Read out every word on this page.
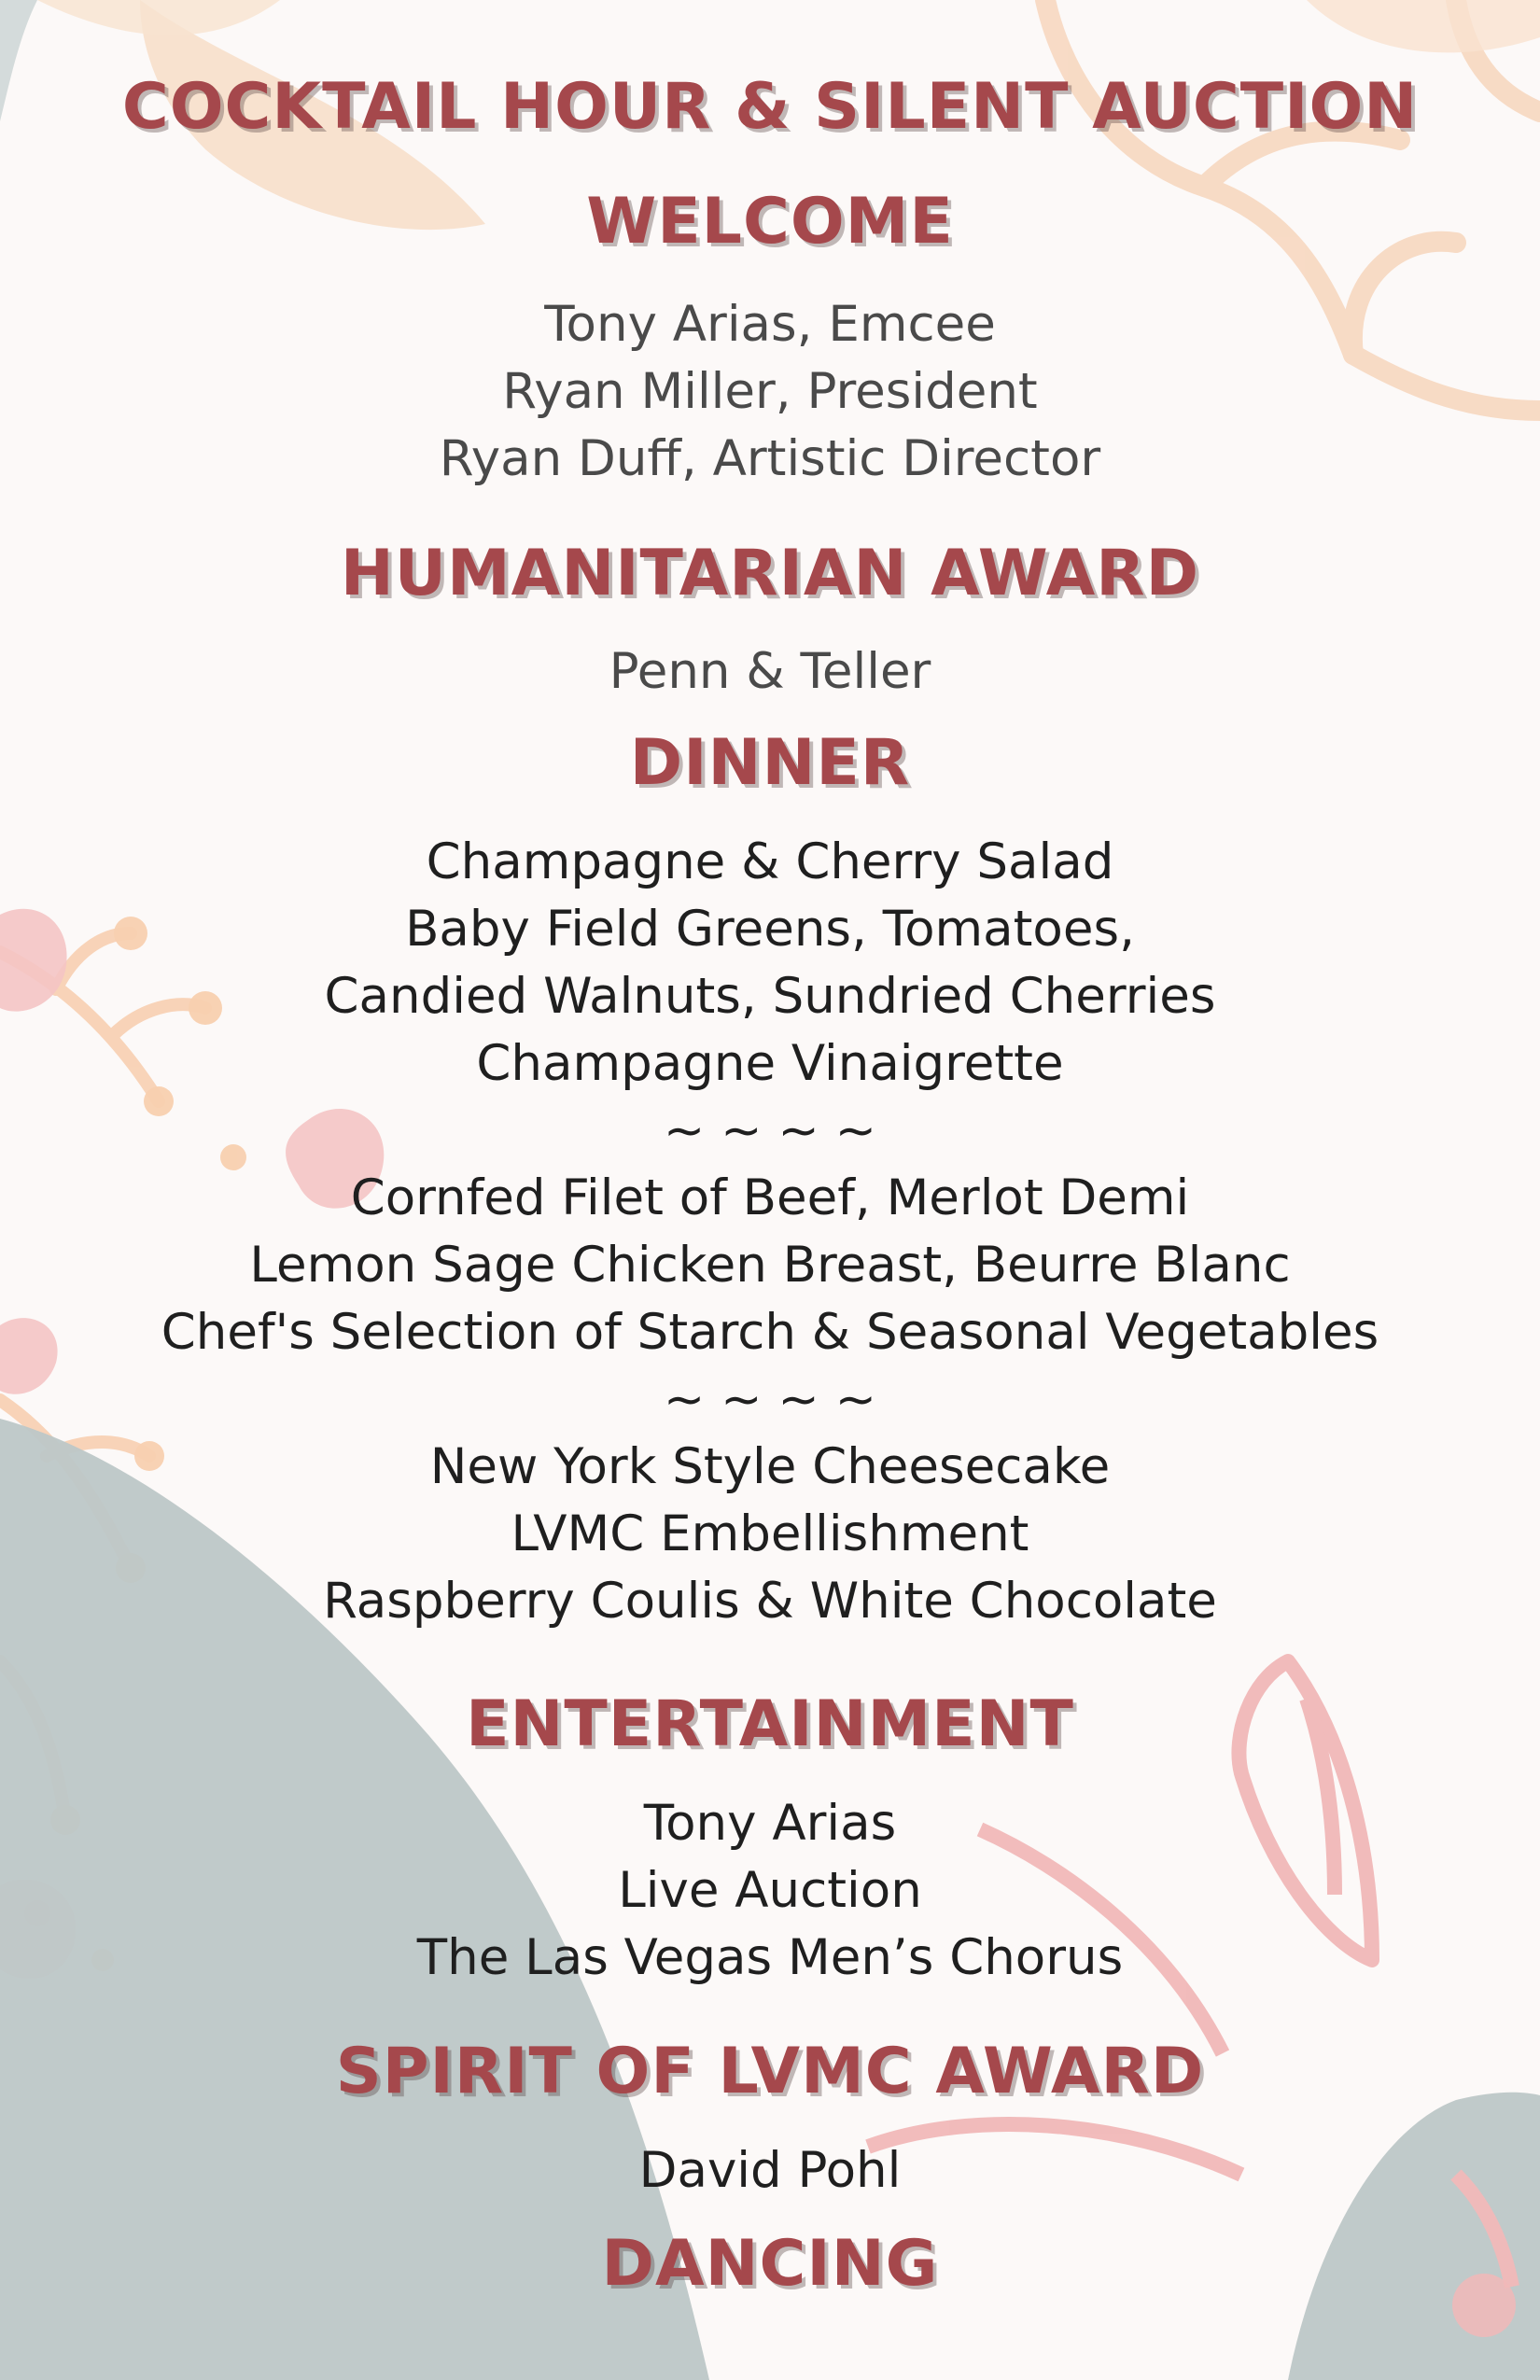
COCKTAIL HOUR & SILENT AUCTION
WELCOME
Tony Arias, Emcee
Ryan Miller, President
Ryan Duff, Artistic Director
HUMANITARIAN AWARD
Penn & Teller
DINNER
Champagne & Cherry Salad
Baby Field Greens, Tomatoes,
Candied Walnuts, Sundried Cherries
Champagne Vinaigrette
~ ~ ~ ~
Cornfed Filet of Beef, Merlot Demi
Lemon Sage Chicken Breast, Beurre Blanc
Chef's Selection of Starch & Seasonal Vegetables
~ ~ ~ ~
New York Style Cheesecake
LVMC Embellishment
Raspberry Coulis & White Chocolate
ENTERTAINMENT
Tony Arias
Live Auction
The Las Vegas Men’s Chorus
SPIRIT OF LVMC AWARD
David Pohl
DANCING
